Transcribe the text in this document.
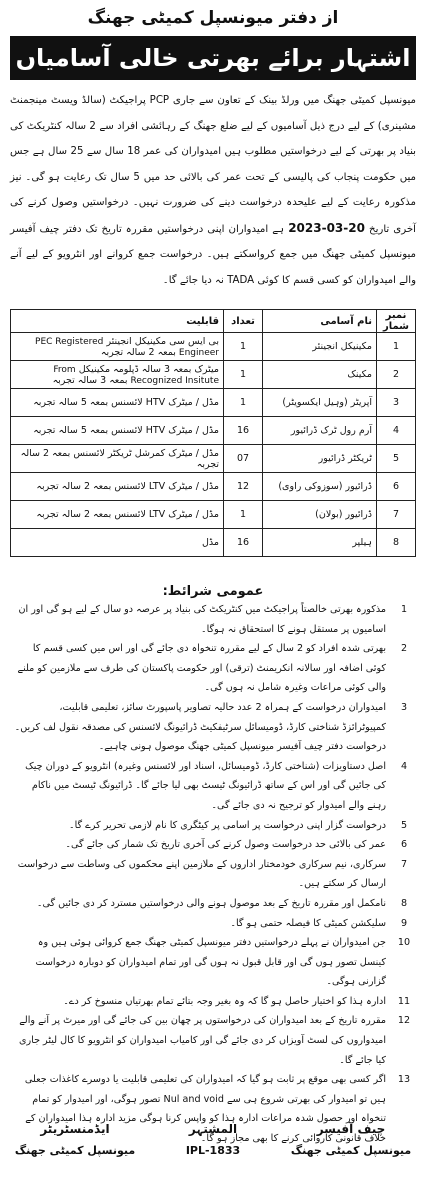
از دفتر میونسپل کمیٹی جھنگ
اشتہار برائے بھرتی خالی آسامیاں
میونسپل کمیٹی جھنگ میں ورلڈ بینک کے تعاون سے جاری PCP پراجیکٹ (سالڈ ویسٹ مینجمنٹ مشینری) کے لیے درج ذیل آسامیوں کے لیے ضلع جھنگ کے رہائشی افراد سے 2 سالہ کنٹریکٹ کی بنیاد پر بھرتی کے لیے درخواستیں مطلوب ہیں امیدواران کی عمر 18 سال سے 25 سال ہے جس میں حکومت پنجاب کی پالیسی کے تحت عمر کی بالائی حد میں 5 سال تک رعایت ہو گی۔ نیز مذکورہ رعایت کے لیے علیحدہ درخواست دینے کی ضرورت نہیں۔ درخواستیں وصول کرنے کی آخری تاریخ 20-03-2023 ہے امیدواران اپنی درخواستیں مقررہ تاریخ تک دفتر چیف آفیسر میونسپل کمیٹی جھنگ میں جمع کرواسکتے ہیں۔ درخواست جمع کروانے اور انٹرویو کے لیے آنے والے امیدواران کو کسی قسم کا کوئی TADA نہ دیا جائے گا۔
نمبر شمار	نام آسامی	تعداد	قابلیت
1	مکینیکل انجینئر	1	بی ایس سی مکینیکل انجینئر PEC Registered Engineer بمعہ 2 سالہ تجربہ
2	مکینک	1	میٹرک بمعہ 3 سالہ ڈپلومہ مکینیکل From Recognized Insitute بمعہ 3 سالہ تجربہ
3	آپریٹر (وہیل ایکسویٹر)	1	مڈل / میٹرک HTV لائسنس بمعہ 5 سالہ تجربہ
4	آرم رول ٹرک ڈرائیور	16	مڈل / میٹرک HTV لائسنس بمعہ 5 سالہ تجربہ
5	ٹریکٹر ڈرائیور	07	مڈل / میٹرک کمرشل ٹریکٹر لائسنس بمعہ 2 سالہ تجربہ
6	ڈرائیور (سوزوکی راوی)	12	مڈل / میٹرک LTV لائسنس بمعہ 2 سالہ تجربہ
7	ڈرائیور (بولان)	1	مڈل / میٹرک LTV لائسنس بمعہ 2 سالہ تجربہ
8	ہیلپر	16	مڈل
عمومی شرائط:
1
مذکورہ بھرتی خالصتاً پراجیکٹ میں کنٹریکٹ کی بنیاد پر عرصہ دو سال کے لیے ہو گی اور ان اسامیوں پر مستقل ہونے کا استحقاق نہ ہوگا۔
2
بھرتی شدہ افراد کو 2 سال کے لیے مقررہ تنخواہ دی جائے گی اور اس میں کسی قسم کا کوئی اضافہ اور سالانہ انکریمنٹ (ترقی) اور حکومت پاکستان کی طرف سے ملازمین کو ملنے والی کوئی مراعات وغیرہ شامل نہ ہوں گی۔
3
امیدواران درخواست کے ہمراہ 2 عدد حالیہ تصاویر پاسپورٹ سائز، تعلیمی قابلیت، کمپیوٹرائزڈ شناختی کارڈ، ڈومیسائل سرٹیفکیٹ ڈرائیونگ لائسنس کی مصدقہ نقول لف کریں۔ درخواست دفتر چیف آفیسر میونسپل کمیٹی جھنگ موصول ہونی چاہیے۔
4
اصل دستاویزات (شناختی کارڈ، ڈومیسائل، اسناد اور لائسنس وغیرہ) انٹرویو کے دوران چیک کی جائیں گی اور اس کے ساتھ ڈرائیونگ ٹیسٹ بھی لیا جائے گا۔ ڈرائیونگ ٹیسٹ میں ناکام رہنے والے امیدوار کو ترجیح نہ دی جائے گی۔
5
درخواست گزار اپنی درخواست پر اسامی پر کیٹگری کا نام لازمی تحریر کرے گا۔
6
عمر کی بالائی حد درخواست وصول کرنے کی آخری تاریخ تک شمار کی جائے گی۔
7
سرکاری، نیم سرکاری خودمختار اداروں کے ملازمین اپنے محکموں کی وساطت سے درخواست ارسال کر سکتے ہیں۔
8
نامکمل اور مقررہ تاریخ کے بعد موصول ہونے والی درخواستیں مسترد کر دی جائیں گی۔
9
سلیکشن کمیٹی کا فیصلہ حتمی ہو گا۔
10
جن امیدواران نے پہلے درخواستیں دفتر میونسپل کمیٹی جھنگ جمع کروائی ہوئی ہیں وہ کینسل تصور ہوں گی اور قابل قبول نہ ہوں گی اور تمام امیدواران کو دوبارہ درخواست گزارنی ہوگی۔
11
ادارہ ہذا کو اختیار حاصل ہو گا کہ وہ بغیر وجہ بتائے تمام بھرتیاں منسوخ کر دے۔
12
مقررہ تاریخ کے بعد امیدواران کی درخواستوں پر چھان بین کی جائے گی اور میرٹ پر آنے والے امیدواروں کی لسٹ آویزاں کر دی جائے گی اور کامیاب امیدواران کو انٹرویو کا کال لیٹر جاری کیا جائے گا۔
13
اگر کسی بھی موقع پر ثابت ہو گیا کہ امیدواران کی تعلیمی قابلیت یا دوسرے کاغذات جعلی ہیں تو امیدوار کی بھرتی شروع ہی سے Nul and void تصور ہوگی، اور امیدوار کو تمام تنخواہ اور حصول شدہ مراعات ادارہ ہذا کو واپس کرنا ہوگی مزید ادارہ ہذا امیدواران کے خلاف قانونی کاروائی کرنے کا بھی مجاز ہو گا۔
چیف آفیسر
میونسپل کمیٹی جھنگ
المشتہر
IPL-1833
ایڈمنسٹریٹر
میونسپل کمیٹی جھنگ
